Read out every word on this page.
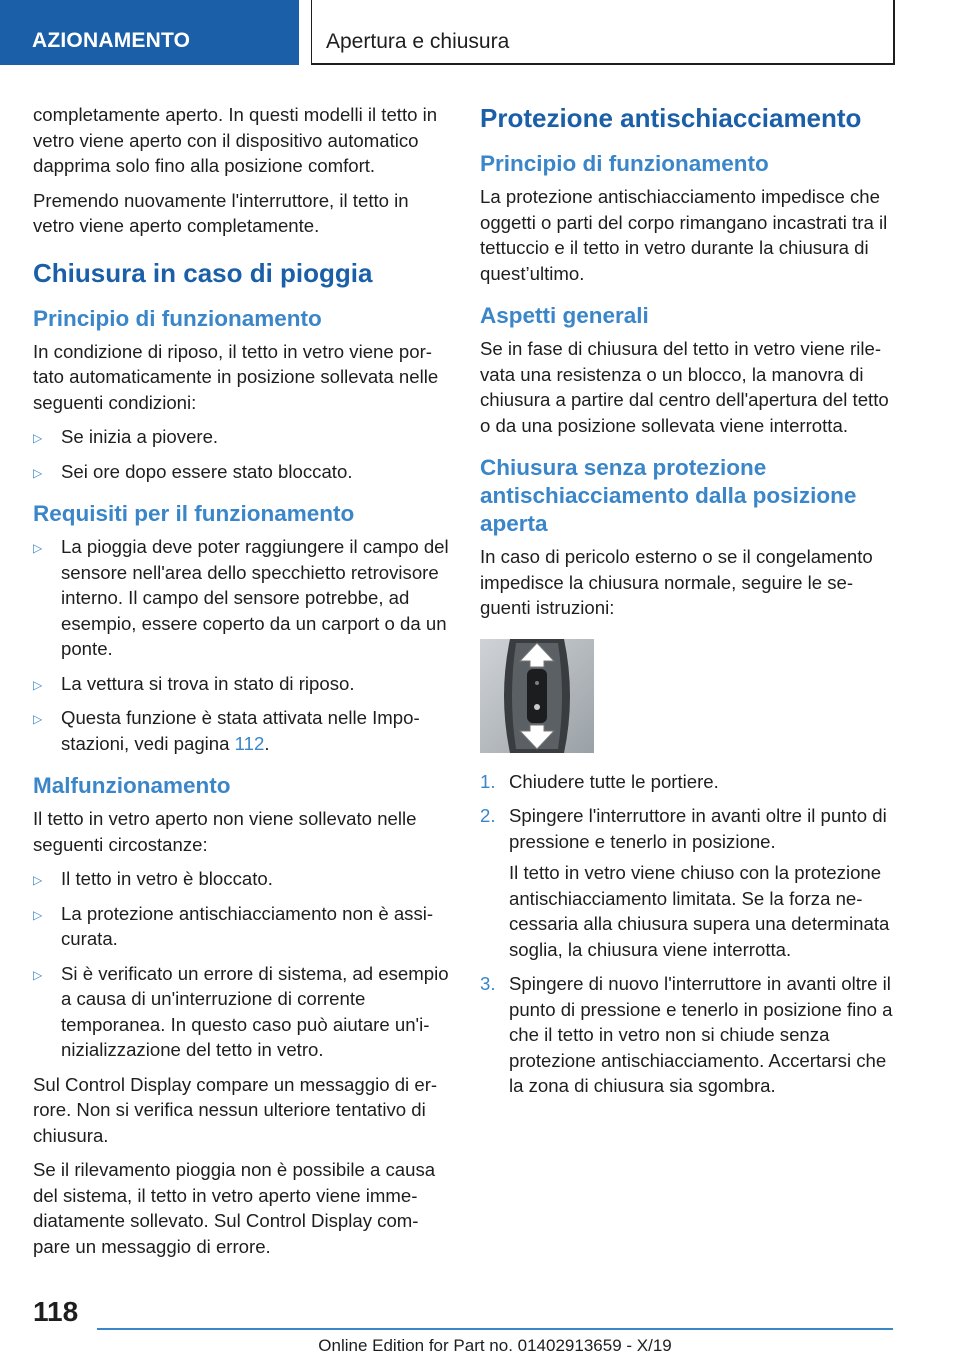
AZIONAMENTO	Apertura e chiusura

completamente aperto. In questi modelli il tetto in vetro viene aperto con il dispositivo automatico dapprima solo fino alla posizione comfort.

Premendo nuovamente l'interruttore, il tetto in vetro viene aperto completamente.

Chiusura in caso di pioggia
Principio di funzionamento

In condizione di riposo, il tetto in vetro viene portato automaticamente in posizione sollevata nelle seguenti condizioni:

▷ Se inizia a piovere.
▷ Sei ore dopo essere stato bloccato.
Requisiti per il funzionamento
▷ La pioggia deve poter raggiungere il campo del sensore nell'area dello specchietto retrovisore interno. Il campo del sensore potrebbe, ad esempio, essere coperto da un carport o da un ponte.
▷ La vettura si trova in stato di riposo.
▷ Questa funzione è stata attivata nelle Impostazioni, vedi pagina 112.
Malfunzionamento

Il tetto in vetro aperto non viene sollevato nelle seguenti circostanze:

▷ Il tetto in vetro è bloccato.
▷ La protezione antischiacciamento non è assicurata.
▷ Si è verificato un errore di sistema, ad esempio a causa di un'interruzione di corrente temporanea. In questo caso può aiutare un'inizializzazione del tetto in vetro.

Sul Control Display compare un messaggio di errore. Non si verifica nessun ulteriore tentativo di chiusura.

Se il rilevamento pioggia non è possibile a causa del sistema, il tetto in vetro aperto viene immediatamente sollevato. Sul Control Display compare un messaggio di errore.

Protezione antischiacciamento
Principio di funzionamento

La protezione antischiacciamento impedisce che oggetti o parti del corpo rimangano incastrati tra il tettuccio e il tetto in vetro durante la chiusura di quest’ultimo.

Aspetti generali

Se in fase di chiusura del tetto in vetro viene rilevata una resistenza o un blocco, la manovra di chiusura a partire dal centro dell'apertura del tetto o da una posizione sollevata viene interrotta.

Chiusura senza protezione antischiacciamento dalla posizione aperta

In caso di pericolo esterno o se il congelamento impedisce la chiusura normale, seguire le seguenti istruzioni:

1. Chiudere tutte le portiere.
2. Spingere l'interruttore in avanti oltre il punto di pressione e tenerlo in posizione.
Il tetto in vetro viene chiuso con la protezione antischiacciamento limitata. Se la forza necessaria alla chiusura supera una determinata soglia, la chiusura viene interrotta.
3. Spingere di nuovo l'interruttore in avanti oltre il punto di pressione e tenerlo in posizione fino a che il tetto in vetro non si chiude senza protezione antischiacciamento. Accertarsi che la zona di chiusura sia sgombra.
118
Online Edition for Part no. 01402913659 - X/19
